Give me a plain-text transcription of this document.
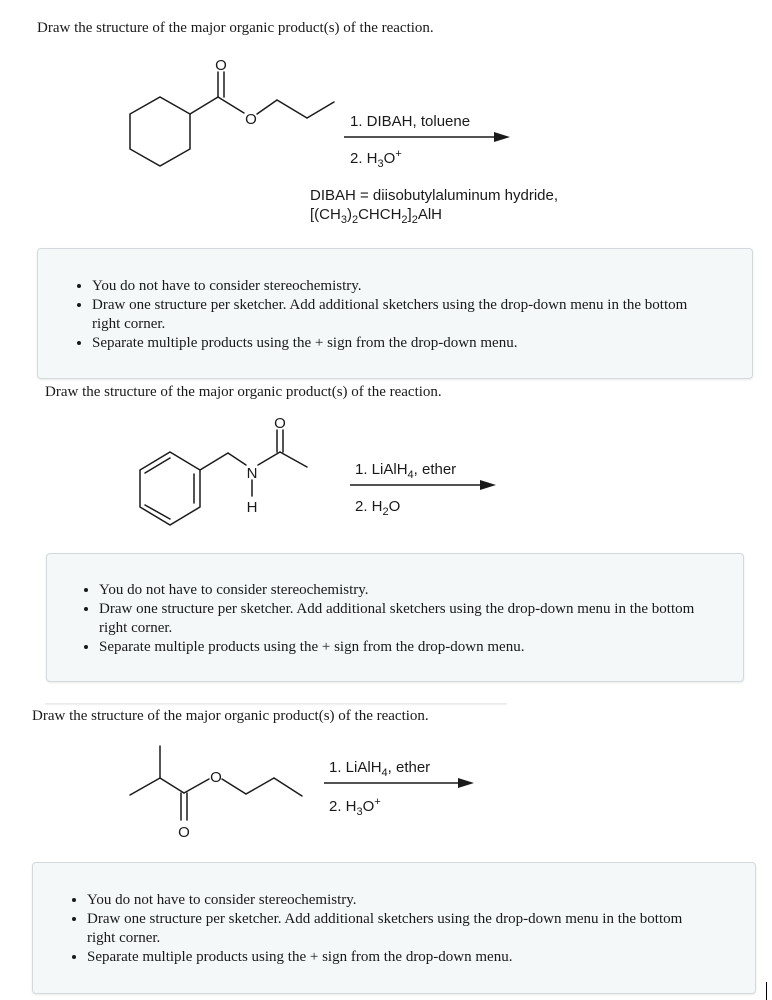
Draw the structure of the major organic product(s) of the reaction.
O
O	1. DIBAH, toluene
2. $H_3O^+$
DIBAH = diisobutylaluminum hydride,
$[(CH_3)_2CHCH_2]_2AlH$
• You do not have to consider stereochemistry.
• Draw one structure per sketcher. Add additional sketchers using the drop-down menu in the bottom
right corner.
• Separate multiple products using the + sign from the drop-down menu.
Draw the structure of the major organic product(s) of the reaction.
O
N
H
1. LiAlH$_4$, ether
2. $H_2O$
• You do not have to consider stereochemistry.
• Draw one structure per sketcher. Add additional sketchers using the drop-down menu in the bottom
right corner.
• Separate multiple products using the + sign from the drop-down menu.
Draw the structure of the major organic product(s) of the reaction.
O
O
1. LiAlH$_4$, ether
2. $H_3O^+$
• You do not have to consider stereochemistry.
• Draw one structure per sketcher. Add additional sketchers using the drop-down menu in the bottom
right corner.
• Separate multiple products using the + sign from the drop-down menu.
